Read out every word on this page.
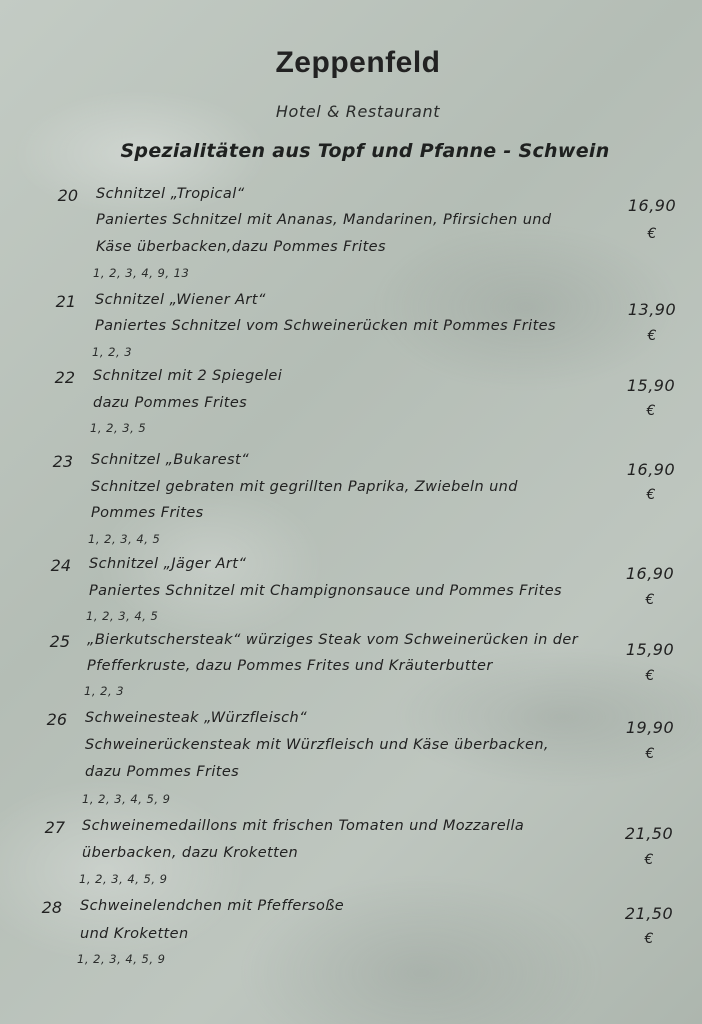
Zeppenfeld
Hotel & Restaurant
Spezialitäten aus Topf und Pfanne - Schwein
20 Schnitzel „Tropical“
Paniertes Schnitzel mit Ananas, Mandarinen, Pfirsichen und
Käse überbacken,dazu Pommes Frites
1, 2, 3, 4, 9, 13
16,90
€
21 Schnitzel „Wiener Art“
Paniertes Schnitzel vom Schweinerücken mit Pommes Frites
1, 2, 3
13,90
€
22 Schnitzel mit 2 Spiegelei
dazu Pommes Frites
1, 2, 3, 5
15,90
€
23 Schnitzel „Bukarest“
Schnitzel gebraten mit gegrillten Paprika, Zwiebeln und
Pommes Frites
1, 2, 3, 4, 5
16,90
€
24 Schnitzel „Jäger Art“
Paniertes Schnitzel mit Champignonsauce und Pommes Frites
1, 2, 3, 4, 5
16,90
€
25 „Bierkutschersteak“ würziges Steak vom Schweinerücken in der
Pfefferkruste, dazu Pommes Frites und Kräuterbutter
1, 2, 3
15,90
€
26 Schweinesteak „Würzfleisch“
Schweinerückensteak mit Würzfleisch und Käse überbacken,
dazu Pommes Frites
1, 2, 3, 4, 5, 9
19,90
€
27 Schweinemedaillons mit frischen Tomaten und Mozzarella
überbacken, dazu Kroketten
1, 2, 3, 4, 5, 9
21,50
€
28 Schweinelendchen mit Pfeffersoße
und Kroketten
1, 2, 3, 4, 5, 9
21,50
€
